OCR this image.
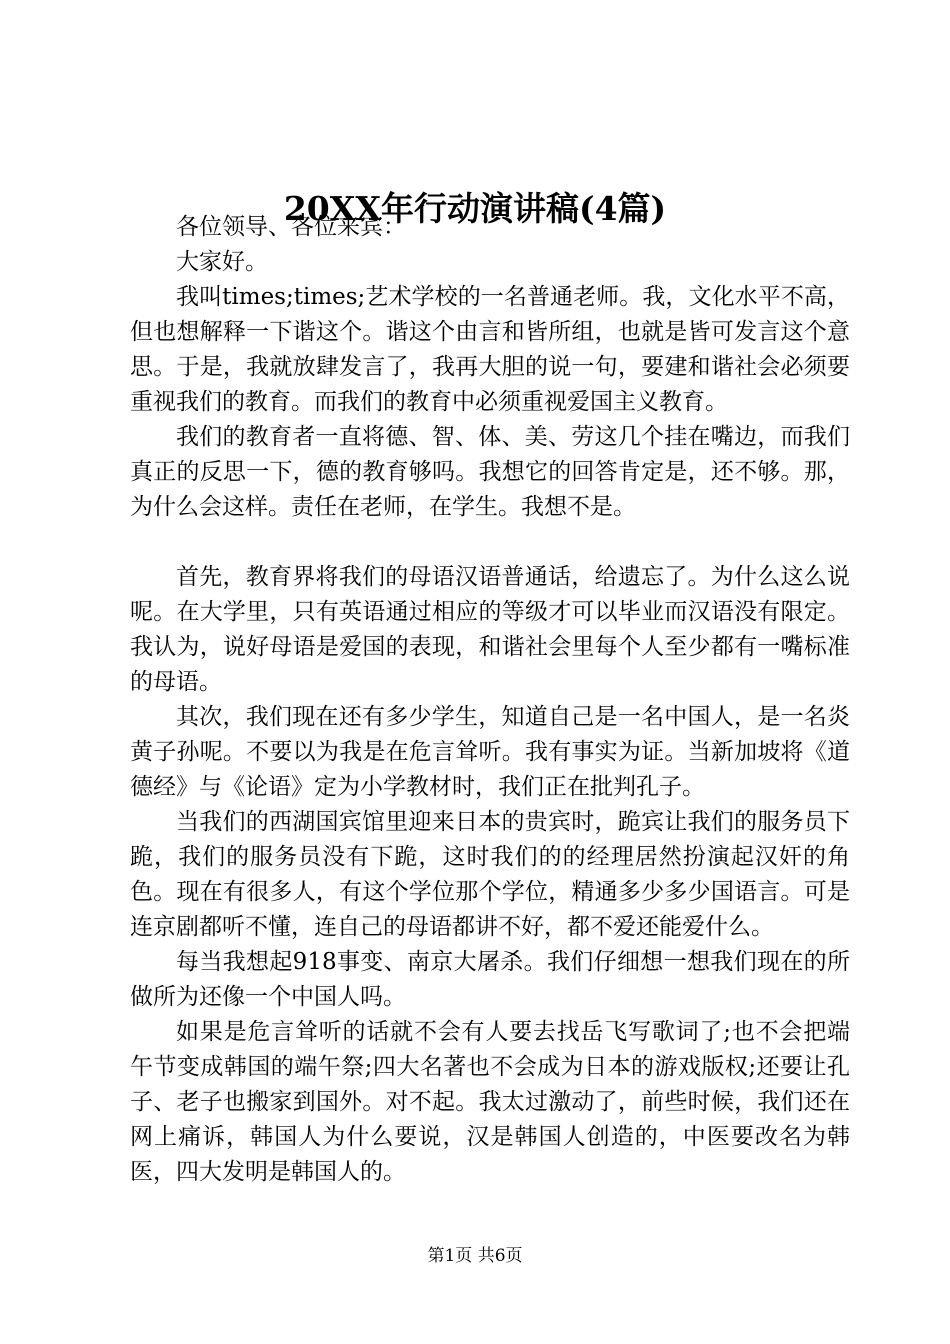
20XX年行动演讲稿(4篇)

各位领导、各位来宾：

大家好。

我叫times;times;艺术学校的一名普通老师。我，文化水平不高，但也想解释一下谐这个。谐这个由言和皆所组，也就是皆可发言这个意思。于是，我就放肆发言了，我再大胆的说一句，要建和谐社会必须要重视我们的教育。而我们的教育中必须重视爱国主义教育。

我们的教育者一直将德、智、体、美、劳这几个挂在嘴边，而我们真正的反思一下，德的教育够吗。我想它的回答肯定是，还不够。那，为什么会这样。责任在老师，在学生。我想不是。

首先，教育界将我们的母语汉语普通话，给遗忘了。为什么这么说呢。在大学里，只有英语通过相应的等级才可以毕业而汉语没有限定。我认为，说好母语是爱国的表现，和谐社会里每个人至少都有一嘴标准的母语。

其次，我们现在还有多少学生，知道自己是一名中国人，是一名炎黄子孙呢。不要以为我是在危言耸听。我有事实为证。当新加坡将《道德经》与《论语》定为小学教材时，我们正在批判孔子。

当我们的西湖国宾馆里迎来日本的贵宾时，跪宾让我们的服务员下跪，我们的服务员没有下跪，这时我们的的经理居然扮演起汉奸的角色。现在有很多人，有这个学位那个学位，精通多少多少国语言。可是连京剧都听不懂，连自己的母语都讲不好，都不爱还能爱什么。

每当我想起918事变、南京大屠杀。我们仔细想一想我们现在的所做所为还像一个中国人吗。

如果是危言耸听的话就不会有人要去找岳飞写歌词了;也不会把端午节变成韩国的端午祭;四大名著也不会成为日本的游戏版权;还要让孔子、老子也搬家到国外。对不起。我太过激动了，前些时候，我们还在网上痛诉，韩国人为什么要说，汉是韩国人创造的，中医要改名为韩医，四大发明是韩国人的。

第1页 共6页
